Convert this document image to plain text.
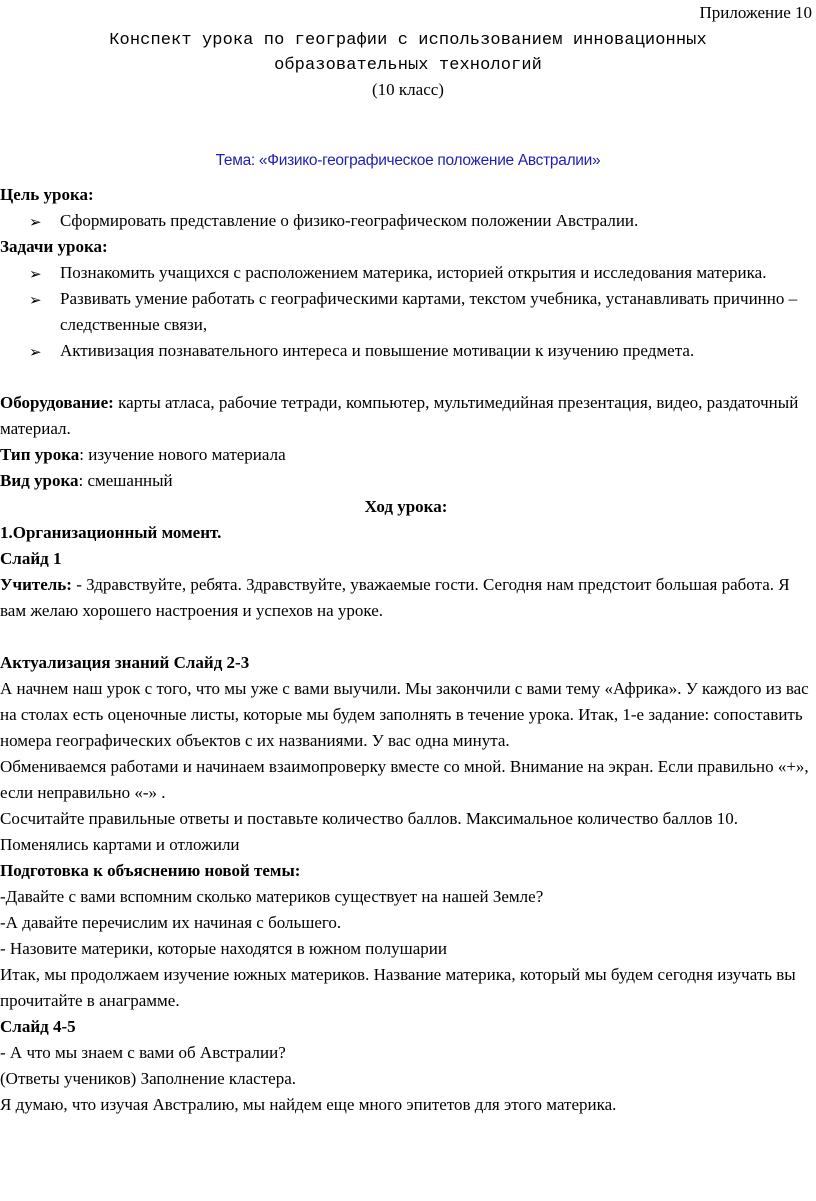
Приложение 10
Конспект урока по географии с использованием инновационных
образовательных технологий
(10 класс)
Тема: «Физико-географическое положение Австралии»

Цель урока:

➢ Сформировать представление о физико-географическом положении Австралии.

Задачи урока:

➢ Познакомить учащихся с расположением материка, историей открытия и исследования материка.
➢ Развивать умение работать с географическими картами, текстом учебника, устанавливать причинно – следственные связи,
➢ Активизация познавательного интереса и повышение мотивации к изучению предмета.

Оборудование: карты атласа, рабочие тетради, компьютер, мультимедийная презентация, видео, раздаточный материал.

Тип урока: изучение нового материала

Вид урока: смешанный

Ход урока:

1.Организационный момент.

Слайд 1

Учитель: - Здравствуйте, ребята. Здравствуйте, уважаемые гости. Сегодня нам предстоит большая работа. Я вам желаю хорошего настроения и успехов на уроке.

Актуализация знаний Слайд 2-3

А начнем наш урок с того, что мы уже с вами выучили. Мы закончили с вами тему «Африка». У каждого из вас на столах есть оценочные листы, которые мы будем заполнять в течение урока. Итак, 1-е задание: сопоставить номера географических объектов с их названиями. У вас одна минута.

Обмениваемся работами и начинаем взаимопроверку вместе со мной. Внимание на экран. Если правильно «+», если неправильно «-» .

Сосчитайте правильные ответы и поставьте количество баллов. Максимальное количество баллов 10. Поменялись картами и отложили

Подготовка к объяснению новой темы:

-Давайте с вами вспомним сколько материков существует на нашей Земле?

-А давайте перечислим их начиная с большего.

- Назовите материки, которые находятся в южном полушарии

Итак, мы продолжаем изучение южных материков. Название материка, который мы будем сегодня изучать вы прочитайте в анаграмме.

Слайд 4-5

- А что мы знаем с вами об Австралии?

(Ответы учеников) Заполнение кластера.

Я думаю, что изучая Австралию, мы найдем еще много эпитетов для этого материка.
